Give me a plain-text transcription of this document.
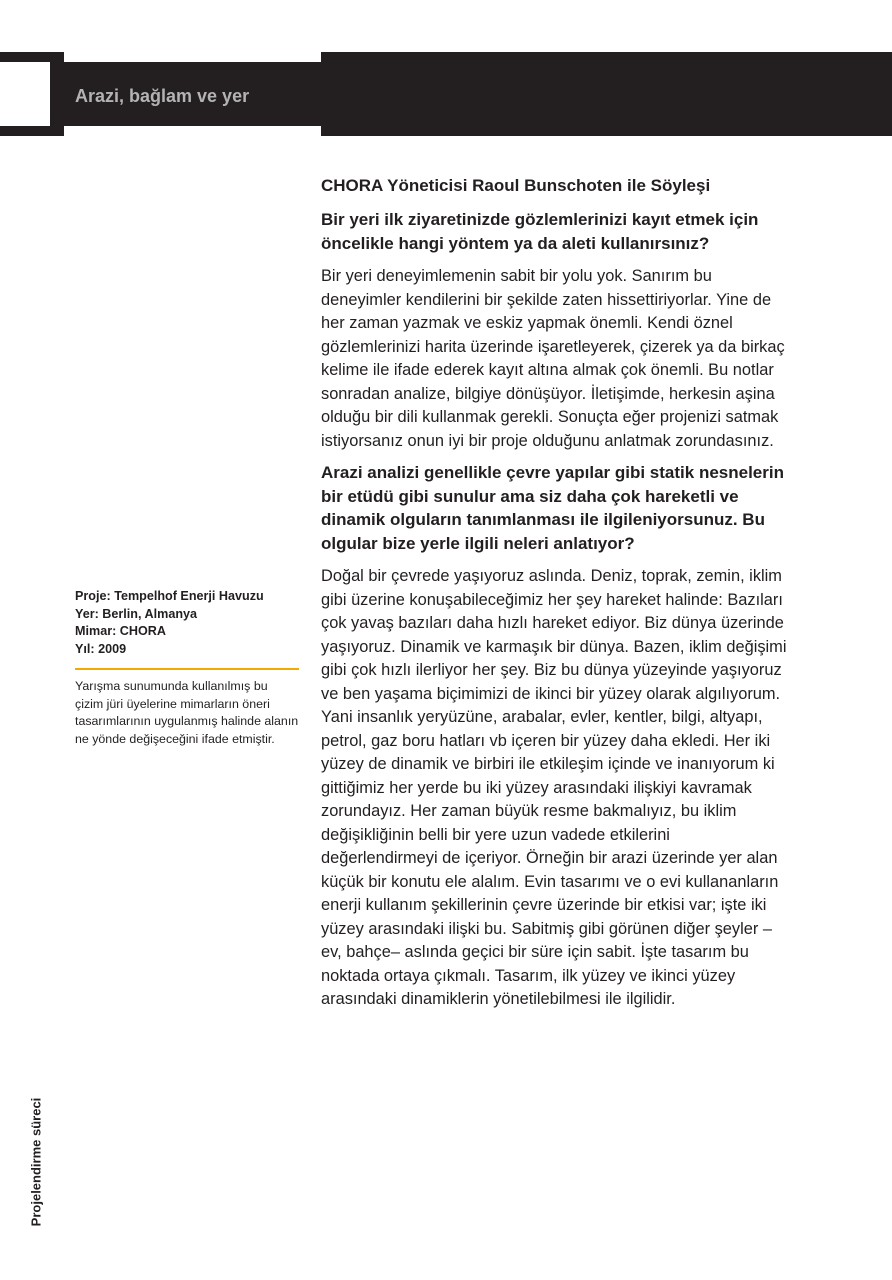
Arazi, bağlam ve yer
CHORA Yöneticisi Raoul Bunschoten ile Söyleşi
Bir yeri ilk ziyaretinizde gözlemlerinizi kayıt etmek için öncelikle hangi yöntem ya da aleti kullanırsınız?

Bir yeri deneyimlemenin sabit bir yolu yok. Sanırım bu deneyimler kendilerini bir şekilde zaten hissettiriyorlar. Yine de her zaman yazmak ve eskiz yapmak önemli. Kendi öznel gözlemlerinizi harita üzerinde işaretleyerek, çizerek ya da birkaç kelime ile ifade ederek kayıt altına almak çok önemli. Bu notlar sonradan analize, bilgiye dönüşüyor. İletişimde, herkesin aşina olduğu bir dili kullanmak gerekli. Sonuçta eğer projenizi satmak istiyorsanız onun iyi bir proje olduğunu anlatmak zorundasınız.

Arazi analizi genellikle çevre yapılar gibi statik nesnelerin bir etüdü gibi sunulur ama siz daha çok hareketli ve dinamik olguların tanımlanması ile ilgileniyorsunuz. Bu olgular bize yerle ilgili neleri anlatıyor?

Doğal bir çevrede yaşıyoruz aslında. Deniz, toprak, zemin, iklim gibi üzerine konuşabileceğimiz her şey hareket halinde: Bazıları çok yavaş bazıları daha hızlı hareket ediyor. Biz dünya üzerinde yaşıyoruz. Dinamik ve karmaşık bir dünya. Bazen, iklim değişimi gibi çok hızlı ilerliyor her şey. Biz bu dünya yüzeyinde yaşıyoruz ve ben yaşama biçimimizi de ikinci bir yüzey olarak algılıyorum. Yani insanlık yeryüzüne, arabalar, evler, kentler, bilgi, altyapı, petrol, gaz boru hatları vb içeren bir yüzey daha ekledi. Her iki yüzey de dinamik ve birbiri ile etkileşim içinde ve inanıyorum ki gittiğimiz her yerde bu iki yüzey arasındaki ilişkiyi kavramak zorundayız. Her zaman büyük resme bakmalıyız, bu iklim değişikliğinin belli bir yere uzun vadede etkilerini değerlendirmeyi de içeriyor. Örneğin bir arazi üzerinde yer alan küçük bir konutu ele alalım. Evin tasarımı ve o evi kullananların enerji kullanım şekillerinin çevre üzerinde bir etkisi var; işte iki yüzey arasındaki ilişki bu. Sabitmiş gibi görünen diğer şeyler –ev, bahçe– aslında geçici bir süre için sabit. İşte tasarım bu noktada ortaya çıkmalı. Tasarım, ilk yüzey ve ikinci yüzey arasındaki dinamiklerin yönetilebilmesi ile ilgilidir.

Proje: Tempelhof Enerji Havuzu
Yer: Berlin, Almanya
Mimar: CHORA
Yıl: 2009

Yarışma sunumunda kullanılmış bu çizim jüri üyelerine mimarların öneri tasarımlarının uygulanmış halinde alanın ne yönde değişeceğini ifade etmiştir.

Projelendirme süreci
